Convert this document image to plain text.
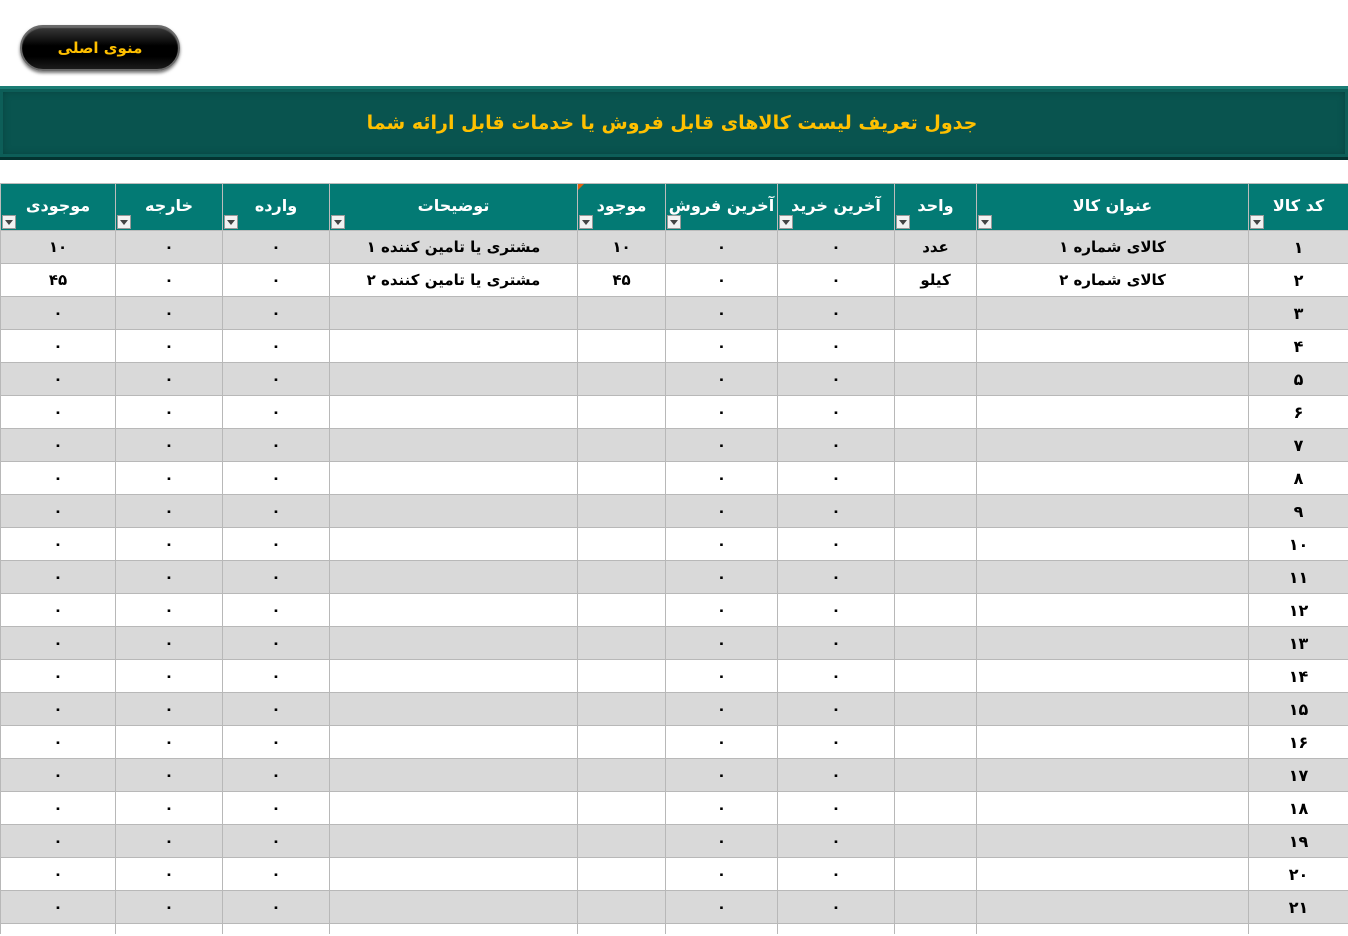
منوی اصلی
جدول تعریف لیست کالاهای قابل فروش یا خدمات قابل ارائه شما
کد کالا	عنوان کالا	واحد	آخرین خرید	آخرین فروش	موجود	توضیحات	وارده	خارجه	موجودی

۱	کالای شماره ۱	عدد	۰	۰	۱۰	مشتری یا تامین کننده ۱	۰	۰	۱۰
۲	کالای شماره ۲	کیلو	۰	۰	۴۵	مشتری یا تامین کننده ۲	۰	۰	۴۵
۳			۰	۰			۰	۰	۰
۴			۰	۰			۰	۰	۰
۵			۰	۰			۰	۰	۰
۶			۰	۰			۰	۰	۰
۷			۰	۰			۰	۰	۰
۸			۰	۰			۰	۰	۰
۹			۰	۰			۰	۰	۰
۱۰			۰	۰			۰	۰	۰
۱۱			۰	۰			۰	۰	۰
۱۲			۰	۰			۰	۰	۰
۱۳			۰	۰			۰	۰	۰
۱۴			۰	۰			۰	۰	۰
۱۵			۰	۰			۰	۰	۰
۱۶			۰	۰			۰	۰	۰
۱۷			۰	۰			۰	۰	۰
۱۸			۰	۰			۰	۰	۰
۱۹			۰	۰			۰	۰	۰
۲۰			۰	۰			۰	۰	۰
۲۱			۰	۰			۰	۰	۰
